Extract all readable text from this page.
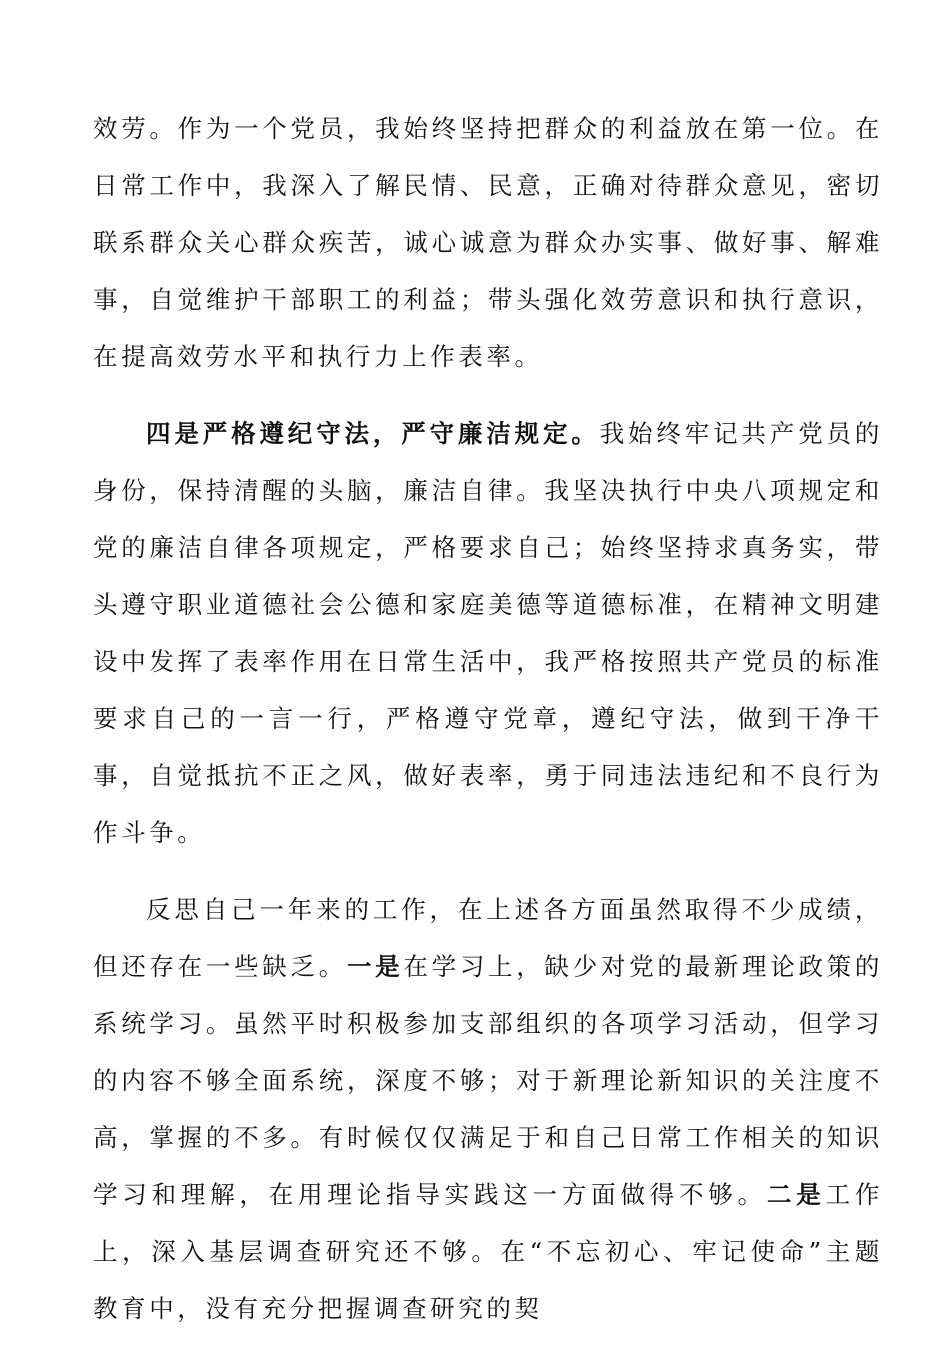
效劳。作为一个党员，我始终坚持把群众的利益放在第一位。在日常工作中，我深入了解民情、民意，正确对待群众意见，密切联系群众关心群众疾苦，诚心诚意为群众办实事、做好事、解难事，自觉维护干部职工的利益；带头强化效劳意识和执行意识，在提高效劳水平和执行力上作表率。

四是严格遵纪守法，严守廉洁规定。我始终牢记共产党员的身份，保持清醒的头脑，廉洁自律。我坚决执行中央八项规定和党的廉洁自律各项规定，严格要求自己；始终坚持求真务实，带头遵守职业道德社会公德和家庭美德等道德标准，在精神文明建设中发挥了表率作用在日常生活中，我严格按照共产党员的标准要求自己的一言一行，严格遵守党章，遵纪守法，做到干净干事，自觉抵抗不正之风，做好表率，勇于同违法违纪和不良行为作斗争。

反思自己一年来的工作，在上述各方面虽然取得不少成绩，但还存在一些缺乏。一是在学习上，缺少对党的最新理论政策的系统学习。虽然平时积极参加支部组织的各项学习活动，但学习的内容不够全面系统，深度不够；对于新理论新知识的关注度不高，掌握的不多。有时候仅仅满足于和自己日常工作相关的知识学习和理解，在用理论指导实践这一方面做得不够。二是工作上，深入基层调查研究还不够。在“不忘初心、牢记使命”主题教育中，没有充分把握调查研究的契
